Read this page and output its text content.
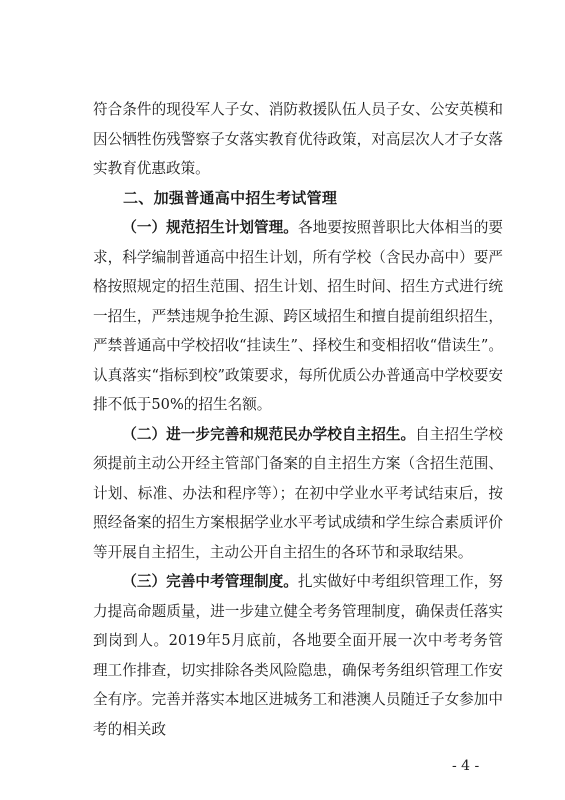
符合条件的现役军人子女、消防救援队伍人员子女、公安英模和因公牺牲伤残警察子女落实教育优待政策，对高层次人才子女落实教育优惠政策。

二、加强普通高中招生考试管理

（一）规范招生计划管理。各地要按照普职比大体相当的要求，科学编制普通高中招生计划，所有学校（含民办高中）要严格按照规定的招生范围、招生计划、招生时间、招生方式进行统一招生，严禁违规争抢生源、跨区域招生和擅自提前组织招生，严禁普通高中学校招收“挂读生”、择校生和变相招收“借读生”。认真落实“指标到校”政策要求，每所优质公办普通高中学校要安排不低于50%的招生名额。

（二）进一步完善和规范民办学校自主招生。自主招生学校须提前主动公开经主管部门备案的自主招生方案（含招生范围、计划、标准、办法和程序等）；在初中学业水平考试结束后，按照经备案的招生方案根据学业水平考试成绩和学生综合素质评价等开展自主招生，主动公开自主招生的各环节和录取结果。

（三）完善中考管理制度。扎实做好中考组织管理工作，努力提高命题质量，进一步建立健全考务管理制度，确保责任落实到岗到人。2019年5月底前，各地要全面开展一次中考考务管理工作排查，切实排除各类风险隐患，确保考务组织管理工作安全有序。完善并落实本地区进城务工和港澳人员随迁子女参加中考的相关政

- 4 -
